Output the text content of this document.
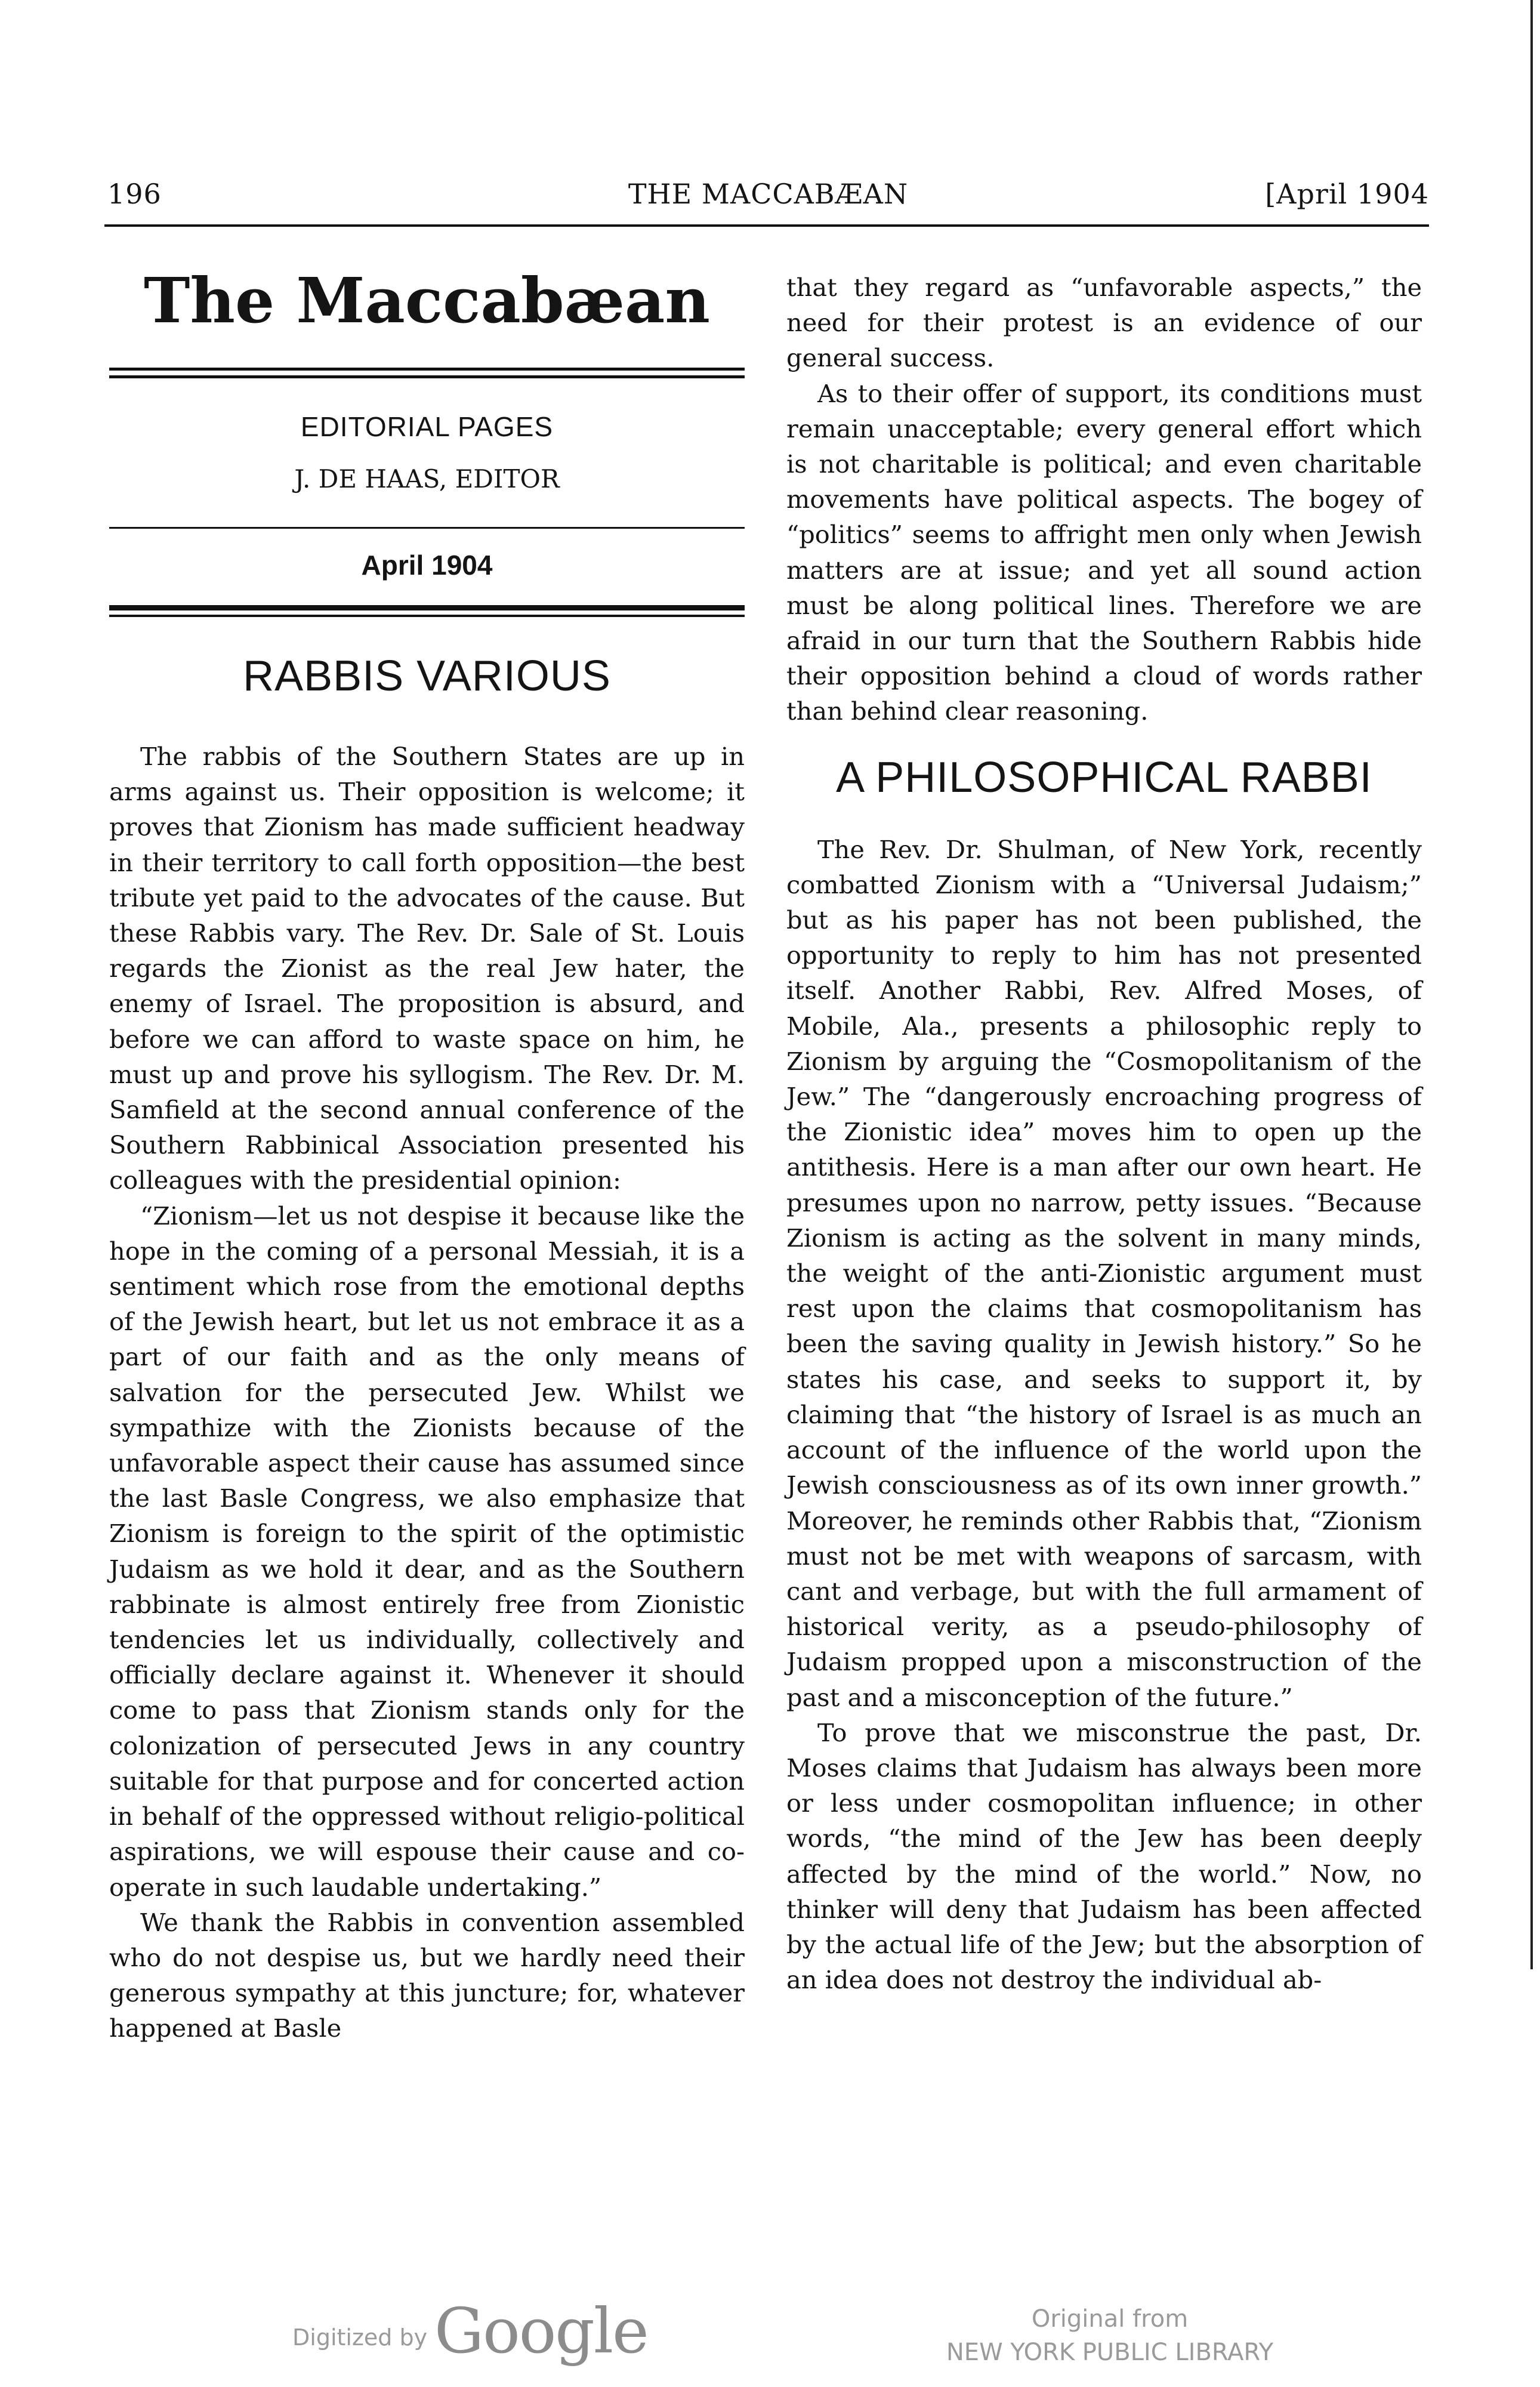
196	THE MACCABÆAN	[April 1904
The Maccabæan
EDITORIAL PAGES
J. DE HAAS, EDITOR
April 1904
RABBIS VARIOUS

The rabbis of the Southern States are up in arms against us. Their opposition is welcome; it proves that Zionism has made sufficient headway in their territory to call forth opposition—the best tribute yet paid to the advocates of the cause. But these Rabbis vary. The Rev. Dr. Sale of St. Louis regards the Zionist as the real Jew hater, the enemy of Israel. The proposition is absurd, and before we can afford to waste space on him, he must up and prove his syllogism. The Rev. Dr. M. Samfield at the second annual conference of the Southern Rabbinical Association presented his colleagues with the presidential opinion:

“Zionism—let us not despise it because like the hope in the coming of a personal Messiah, it is a sentiment which rose from the emotional depths of the Jewish heart, but let us not embrace it as a part of our faith and as the only means of salvation for the persecuted Jew. Whilst we sympathize with the Zionists because of the unfavorable aspect their cause has assumed since the last Basle Congress, we also emphasize that Zionism is foreign to the spirit of the optimistic Judaism as we hold it dear, and as the Southern rabbinate is almost entirely free from Zionistic tendencies let us individually, collectively and officially declare against it. Whenever it should come to pass that Zionism stands only for the colonization of persecuted Jews in any country suitable for that purpose and for concerted action in behalf of the oppressed without religio-political aspirations, we will espouse their cause and co-operate in such laudable undertaking.”

We thank the Rabbis in convention assembled who do not despise us, but we hardly need their generous sympathy at this juncture; for, whatever happened at Basle

that they regard as “unfavorable aspects,” the need for their protest is an evidence of our general success.

As to their offer of support, its conditions must remain unacceptable; every general effort which is not charitable is political; and even charitable movements have political aspects. The bogey of “politics” seems to affright men only when Jewish matters are at issue; and yet all sound action must be along political lines. Therefore we are afraid in our turn that the Southern Rabbis hide their opposition behind a cloud of words rather than behind clear reasoning.

A PHILOSOPHICAL RABBI

The Rev. Dr. Shulman, of New York, recently combatted Zionism with a “Universal Judaism;” but as his paper has not been published, the opportunity to reply to him has not presented itself. Another Rabbi, Rev. Alfred Moses, of Mobile, Ala., presents a philosophic reply to Zionism by arguing the “Cosmopolitanism of the Jew.” The “dangerously encroaching progress of the Zionistic idea” moves him to open up the antithesis. Here is a man after our own heart. He presumes upon no narrow, petty issues. “Because Zionism is acting as the solvent in many minds, the weight of the anti-Zionistic argument must rest upon the claims that cosmopolitanism has been the saving quality in Jewish history.” So he states his case, and seeks to support it, by claiming that “the history of Israel is as much an account of the influence of the world upon the Jewish consciousness as of its own inner growth.” Moreover, he reminds other Rabbis that, “Zionism must not be met with weapons of sarcasm, with cant and verbage, but with the full armament of historical verity, as a pseudo-philosophy of Judaism propped upon a misconstruction of the past and a misconception of the future.”

To prove that we misconstrue the past, Dr. Moses claims that Judaism has always been more or less under cosmopolitan influence; in other words, “the mind of the Jew has been deeply affected by the mind of the world.” Now, no thinker will deny that Judaism has been affected by the actual life of the Jew; but the absorption of an idea does not destroy the individual ab-

Digitized by Google	Original from
NEW YORK PUBLIC LIBRARY
